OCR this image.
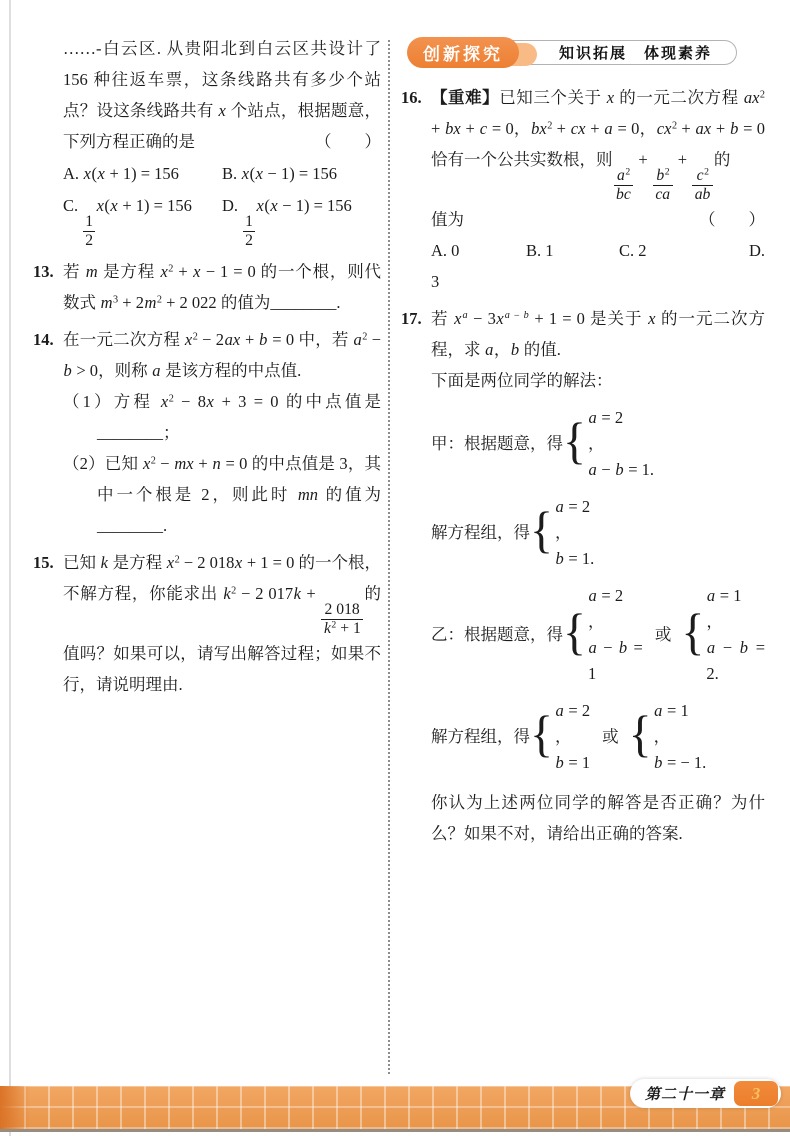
知识拓展　体现素养
创新探究

……-白云区. 从贵阳北到白云区共设计了 156 种往返车票，这条线路共有多少个站点？设这条线路共有 x 个站点，根据题意，下列方程正确的是	（　　）

A. x(x + 1) = 156	B. x(x − 1) = 156
C.
$\frac{1}{2}$
x(x + 1) = 156	D.
$\frac{1}{2}$
x(x − 1) = 156
13. 若 m 是方程 $x^2 + x - 1 = 0$ 的一个根，则代数式 $m^3 + 2m^2 + 2$ 022 的值为________.

14. 在一元二次方程 $x^2 - 2ax + b = 0$ 中，若 $a^2 - b > 0$，则称 a 是该方程的中点值.

（1）方程 $x^2 - 8x + 3 = 0$ 的中点值是________；

（2）已知 $x^2$ − mx + n = 0 的中点值是 3，其中一个根是 2，则此时 mn 的值为________.

15. 已知 k 是方程 $x^2 - 2$ 018x + 1 = 0 的一个根，不解方程，你能求出 $k^2 - 2$ 017k +
$\frac{2 018}{k^2 + 1}$
的值吗？如果可以，请写出解答过程；如果不行，请说明理由.

16. 【重难】已知三个关于 x 的一元二次方程 $ax^2$ + bx + c = 0，$bx^2$ + cx + a = 0，$cx^2$ + ax + b = 0 恰有一个公共实数根，则
$\frac{a^2}{bc}$
+
$\frac{b^2}{ca}$
+
$\frac{c^2}{ab}$
的

值为	（　　）

A. 0	B. 1	C. 2	D.

3

17. 若 $x^a - 3x^{a - b} + 1 = 0$ 是关于 x 的一元二次方程，求 a，b 的值.

下面是两位同学的解法：

甲：根据题意，得
{
a = 2
，
a − b = 1.
解方程组，得
{
a = 2
，
b = 1.
乙：根据题意，得
{
a = 2
，
a − b = 1
或
{
a = 1
，
a − b = 2.
解方程组，得
{
a = 2
，
b = 1
或
{
a = 1
，
b = − 1.

你认为上述两位同学的解答是否正确？为什么？如果不对，请给出正确的答案.

第二十一章	3
